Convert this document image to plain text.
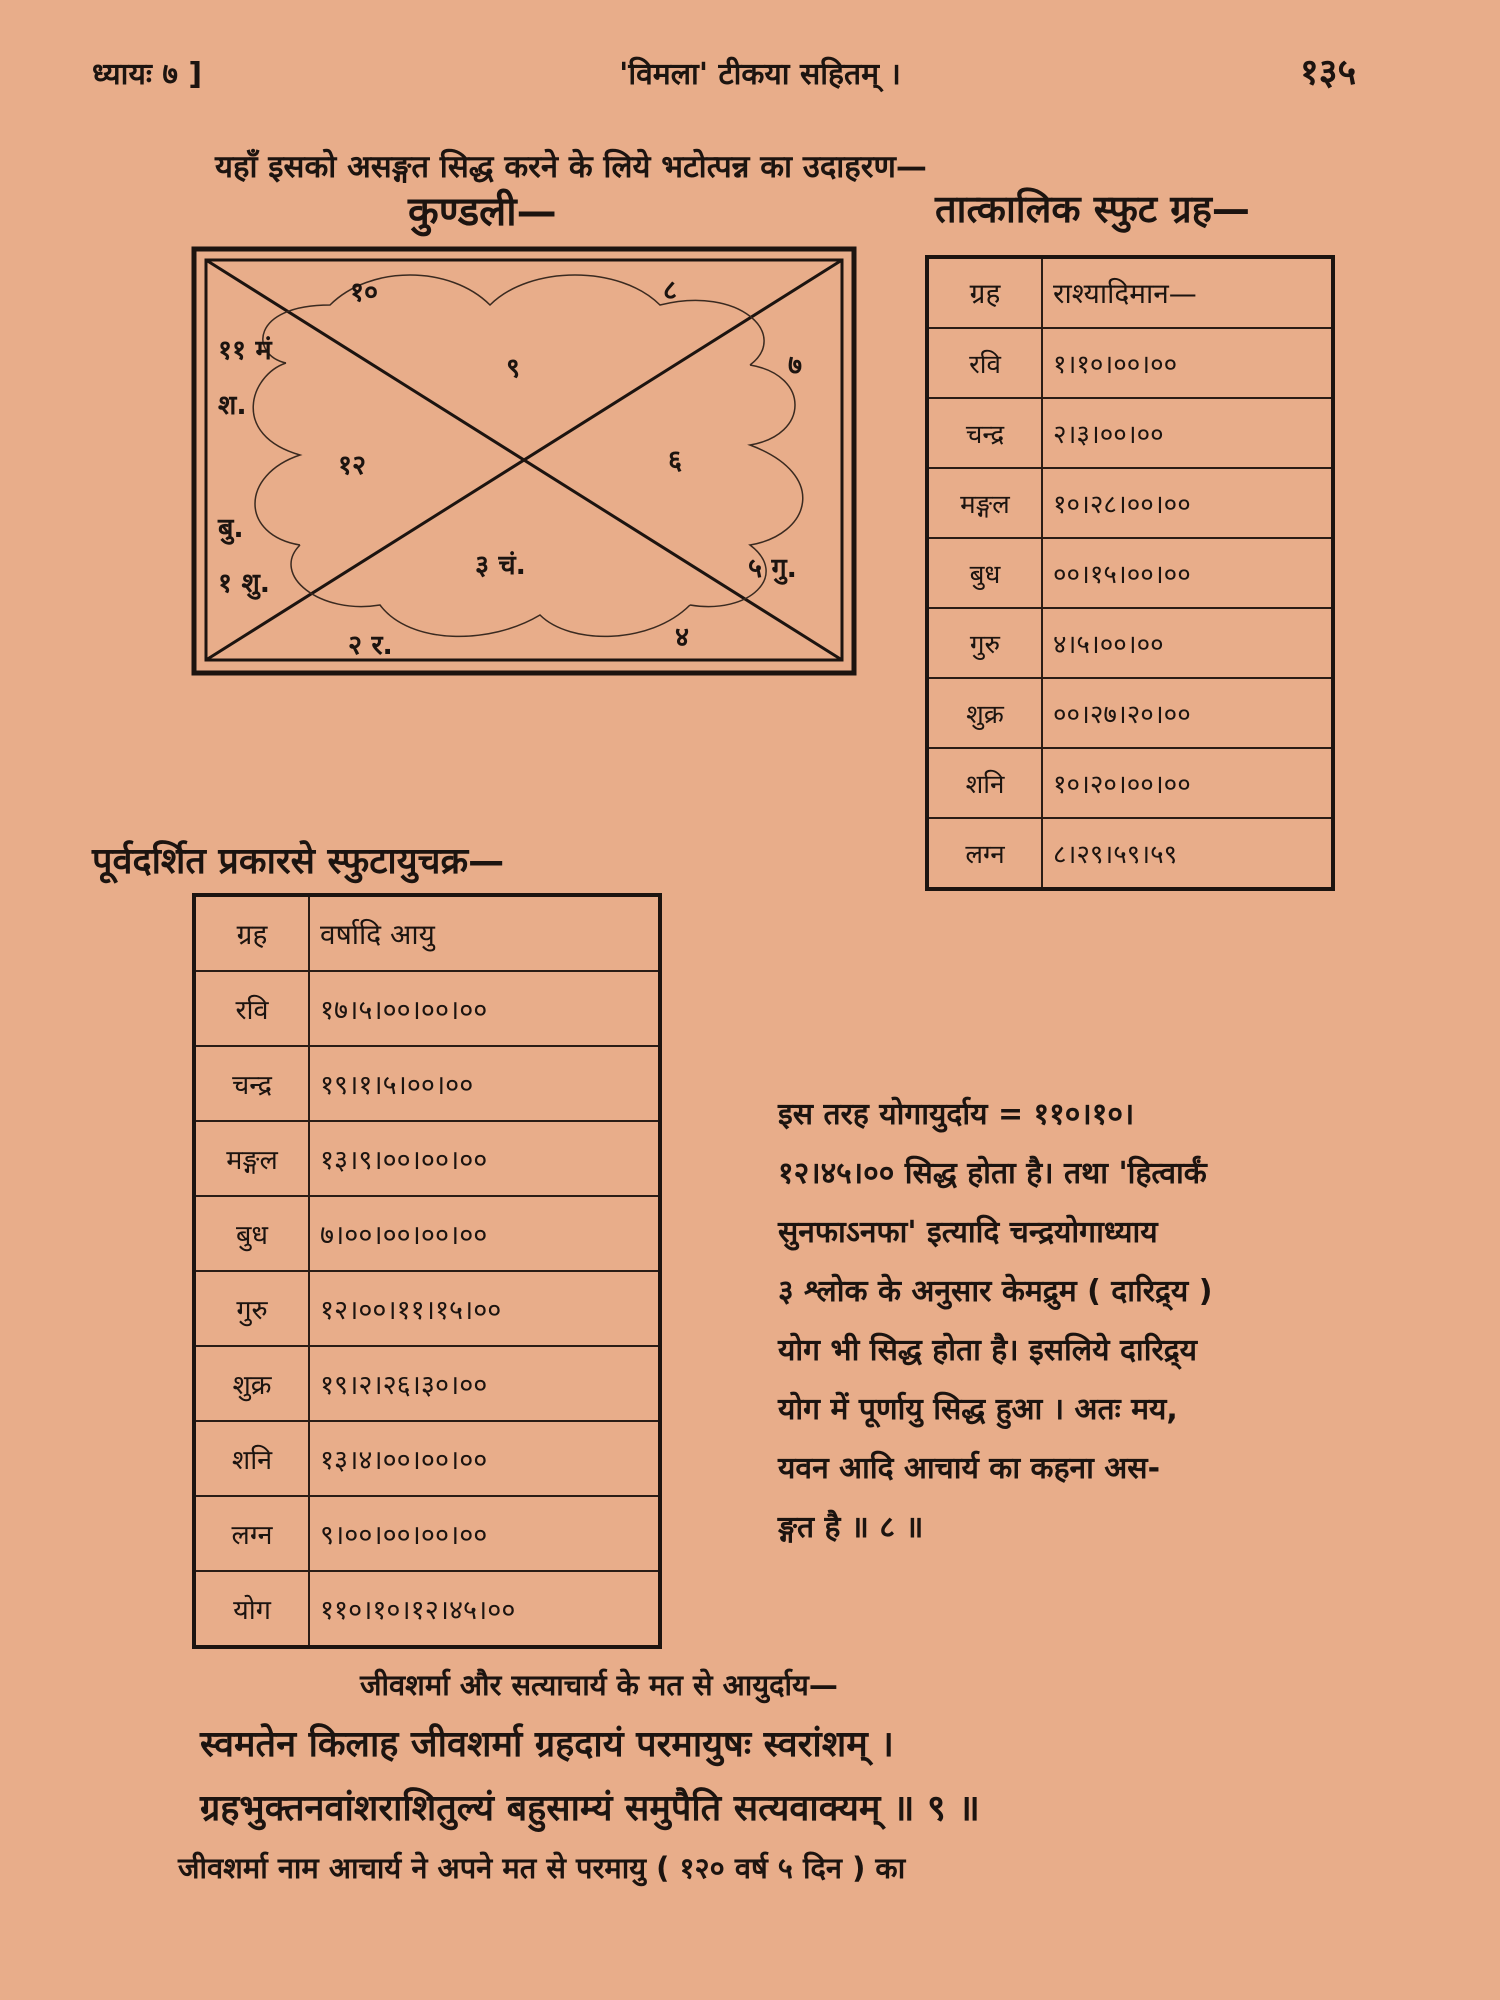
ध्यायः ७ ]	'विमला' टीकया सहितम् ।	१३५
यहाँ इसको असङ्गत सिद्ध करने के लिये भटोत्पन्न का उदाहरण—
कुण्डली—
१०	८
११ मं
श.
९	७
१२	६
बु.
१ शु.
३ चं.	५ गु.
२ र.	४
तात्कालिक स्फुट ग्रह—
ग्रह	राश्यादिमान—
रवि	१।१०।००।००
चन्द्र	२।३।००।००
मङ्गल	१०।२८।००।००
बुध	००।१५।००।००
गुरु	४।५।००।००
शुक्र	००।२७।२०।००
शनि	१०।२०।००।००
लग्न	८।२९।५९।५९
पूर्वदर्शित प्रकारसे स्फुटायुचक्र—
ग्रह	वर्षादि आयु
रवि	१७।५।००।००।००
चन्द्र	१९।१।५।००।००
मङ्गल	१३।९।००।००।००
बुध	७।००।००।००।००
गुरु	१२।००।११।१५।००
शुक्र	१९।२।२६।३०।००
शनि	१३।४।००।००।००
लग्न	९।००।००।००।००
योग	११०।१०।१२।४५।००
इस तरह योगायुर्दाय = ११०।१०।
१२।४५।०० सिद्ध होता है। तथा 'हित्वार्कं
सुनफाऽनफा' इत्यादि चन्द्रयोगाध्याय
३ श्लोक के अनुसार केमद्रुम ( दारिद्र्य )
योग भी सिद्ध होता है। इसलिये दारिद्र्य
योग में पूर्णायु सिद्ध हुआ । अतः मय,
यवन आदि आचार्य का कहना अस-
ङ्गत है ॥ ८ ॥
जीवशर्मा और सत्याचार्य के मत से आयुर्दाय—
स्वमतेन किलाह जीवशर्मा ग्रहदायं परमायुषः स्वरांशम् ।
ग्रहभुक्तनवांशराशितुल्यं बहुसाम्यं समुपैति सत्यवाक्यम् ॥ ९ ॥
जीवशर्मा नाम आचार्य ने अपने मत से परमायु ( १२० वर्ष ५ दिन ) का
